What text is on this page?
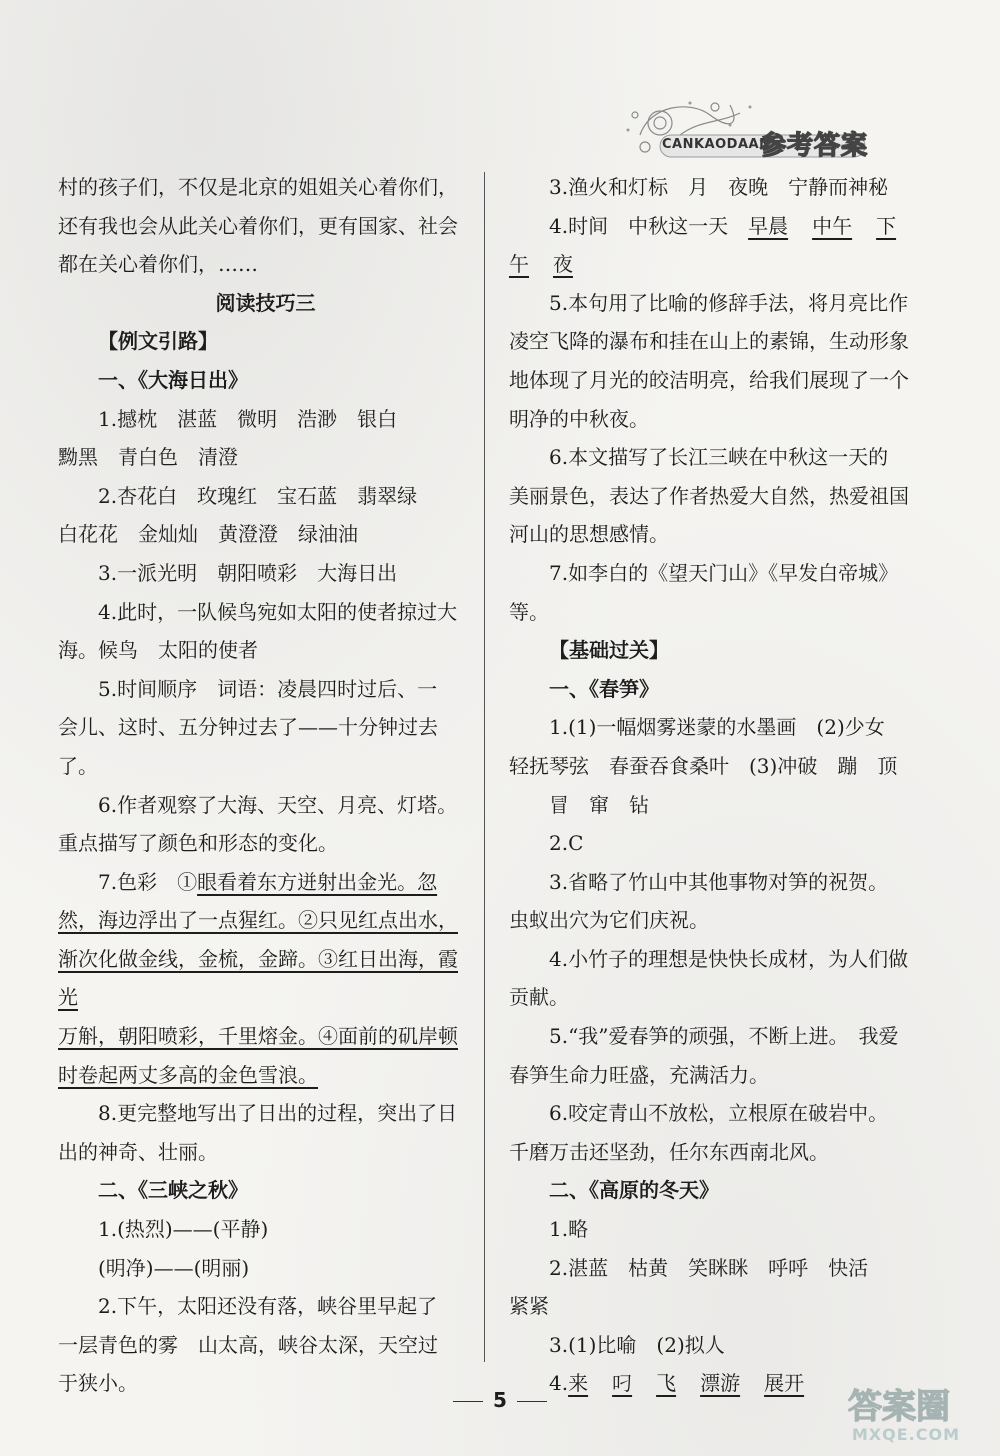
CANKAODAAN
参考答案

村的孩子们，不仅是北京的姐姐关心着你们，

还有我也会从此关心着你们，更有国家、社会

都在关心着你们，……

阅读技巧三

【例文引路】

一、《大海日出》

1.撼枕　湛蓝　微明　浩渺　银白

黝黑　青白色　清澄

2.杏花白　玫瑰红　宝石蓝　翡翠绿

白花花　金灿灿　黄澄澄　绿油油

3.一派光明　朝阳喷彩　大海日出

4.此时，一队候鸟宛如太阳的使者掠过大

海。候鸟　太阳的使者

5.时间顺序　词语：凌晨四时过后、一

会儿、这时、五分钟过去了——十分钟过去

了。

6.作者观察了大海、天空、月亮、灯塔。

重点描写了颜色和形态的变化。

7.色彩　①眼看着东方迸射出金光。忽

然，海边浮出了一点猩红。②只见红点出水，

渐次化做金线，金梳，金蹄。③红日出海，霞光

万斛，朝阳喷彩，千里熔金。④面前的矶岸顿

时卷起两丈多高的金色雪浪。

8.更完整地写出了日出的过程，突出了日

出的神奇、壮丽。

二、《三峡之秋》

1.(热烈)——(平静)

(明净)——(明丽)

2.下午，太阳还没有落，峡谷里早起了

一层青色的雾　山太高，峡谷太深，天空过

于狭小。

3.渔火和灯标　月　夜晚　宁静而神秘

4.时间　中秋这一天　早晨 中午 下

午 夜

5.本句用了比喻的修辞手法，将月亮比作

凌空飞降的瀑布和挂在山上的素锦，生动形象

地体现了月光的皎洁明亮，给我们展现了一个

明净的中秋夜。

6.本文描写了长江三峡在中秋这一天的

美丽景色，表达了作者热爱大自然，热爱祖国

河山的思想感情。

7.如李白的《望天门山》《早发白帝城》等。

【基础过关】

一、《春笋》

1.(1)一幅烟雾迷蒙的水墨画　(2)少女

轻抚琴弦　春蚕吞食桑叶　(3)冲破　蹦　顶

冒　窜　钻

2.C

3.省略了竹山中其他事物对笋的祝贺。

虫蚁出穴为它们庆祝。

4.小竹子的理想是快快长成材，为人们做

贡献。

5.“我”爱春笋的顽强，不断上进。　我爱

春笋生命力旺盛，充满活力。

6.咬定青山不放松，立根原在破岩中。

千磨万击还坚劲，任尔东西南北风。

二、《高原的冬天》

1.略

2.湛蓝　枯黄　笑眯眯　呼呼　快活

紧紧

3.(1)比喻　(2)拟人

4.来 叼 飞 漂游 展开

5	答案圈
MXQE.COM
